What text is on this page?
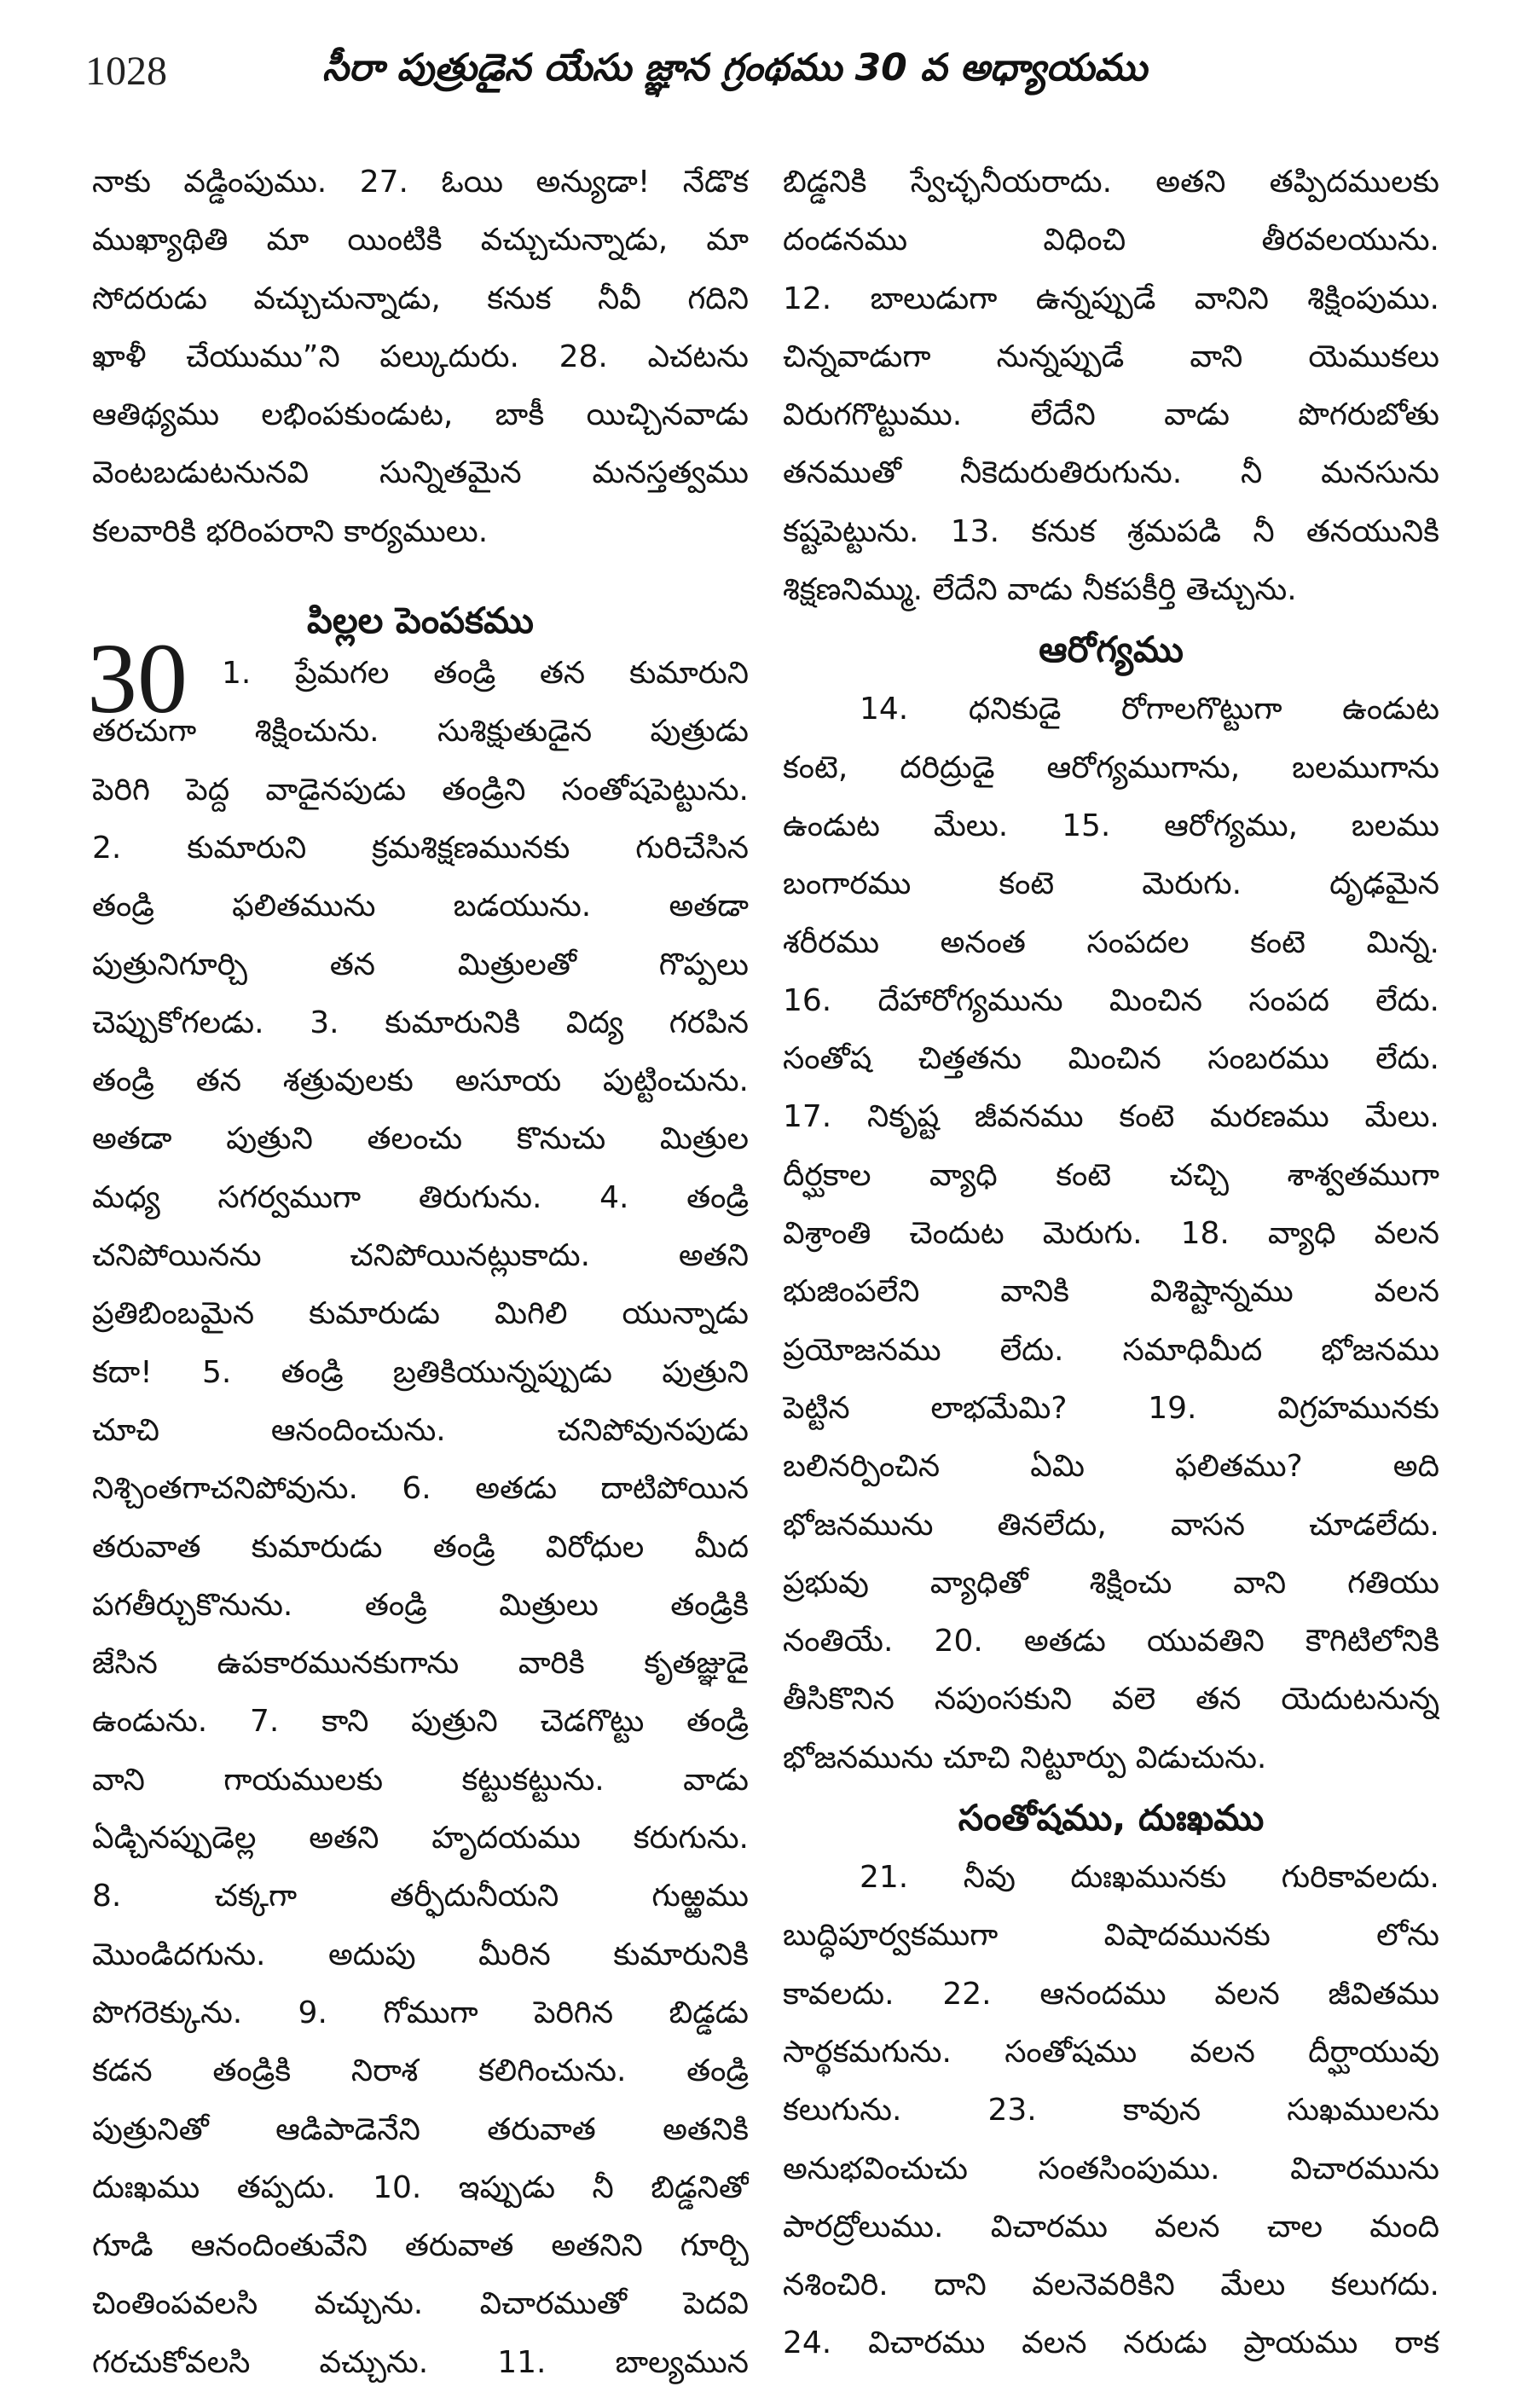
1028	సీరా పుత్రుడైన యేసు జ్ఞాన గ్రంథము 30 వ అధ్యాయము
నాకు వడ్డింపుము. 27. ఓయి అన్యుడా! నేడొక
ముఖ్యాథితి మా యింటికి వచ్చుచున్నాడు, మా
సోదరుడు వచ్చుచున్నాడు, కనుక నీవీ గదిని
ఖాళీ చేయుము”ని పల్కుదురు. 28. ఎచటను
ఆతిథ్యము లభింపకుండుట, బాకీ యిచ్చినవాడు
వెంటబడుటనునవి సున్నితమైన మనస్తత్వము
కలవారికి భరింపరాని కార్యములు.
పిల్లల పెంపకము
30	1. ప్రేమగల తండ్రి తన కుమారుని
తరచుగా శిక్షించును. సుశిక్షుతుడైన పుత్రుడు
పెరిగి పెద్ద వాడైనపుడు తండ్రిని సంతోషపెట్టును.
2. కుమారుని క్రమశిక్షణమునకు గురిచేసిన
తండ్రి ఫలితమును బడయును. అతడా
పుత్రునిగూర్చి తన మిత్రులతో గొప్పలు
చెప్పుకోగలడు. 3. కుమారునికి విద్య గరపిన
తండ్రి తన శత్రువులకు అసూయ పుట్టించును.
అతడా పుత్రుని తలంచు కొనుచు మిత్రుల
మధ్య సగర్వముగా తిరుగును. 4. తండ్రి
చనిపోయినను చనిపోయినట్లుకాదు. అతని
ప్రతిబింబమైన కుమారుడు మిగిలి యున్నాడు
కదా! 5. తండ్రి బ్రతికియున్నప్పుడు పుత్రుని
చూచి ఆనందించును. చనిపోవునపుడు
నిశ్చింతగాచనిపోవును. 6. అతడు దాటిపోయిన
తరువాత కుమారుడు తండ్రి విరోధుల మీద
పగతీర్చుకొనును. తండ్రి మిత్రులు తండ్రికి
జేసిన ఉపకారమునకుగాను వారికి కృతజ్ఞుడై
ఉండును. 7. కాని పుత్రుని చెడగొట్టు తండ్రి
వాని గాయములకు కట్టుకట్టును. వాడు
ఏడ్చినప్పుడెల్ల అతని హృదయము కరుగును.
8. చక్కగా తర్ఫీదునీయని గుఱ్ఱము
మొండిదగును. అదుపు మీరిన కుమారునికి
పొగరెక్కును. 9. గోముగా పెరిగిన బిడ్డడు
కడన తండ్రికి నిరాశ కలిగించును. తండ్రి
పుత్రునితో ఆడిపాడెనేని తరువాత అతనికి
దుఃఖము తప్పదు. 10. ఇప్పుడు నీ బిడ్డనితో
గూడి ఆనందింతువేని తరువాత అతనిని గూర్చి
చింతింపవలసి వచ్చును. విచారముతో పెదవి
గరచుకోవలసి వచ్చును. 11. బాల్యమున
బిడ్డనికి స్వేచ్ఛనీయరాదు. అతని తప్పిదములకు
దండనము విధించి తీరవలయును.
12. బాలుడుగా ఉన్నప్పుడే వానిని శిక్షింపుము.
చిన్నవాడుగా నున్నప్పుడే వాని యెముకలు
విరుగగొట్టుము. లేదేని వాడు పొగరుబోతు
తనముతో నీకెదురుతిరుగును. నీ మనసును
కష్టపెట్టును. 13. కనుక శ్రమపడి నీ తనయునికి
శిక్షణనిమ్ము. లేదేని వాడు నీకపకీర్తి తెచ్చును.
ఆరోగ్యము
14. ధనికుడై రోగాలగొట్టుగా ఉండుట
కంటె, దరిద్రుడై ఆరోగ్యముగాను, బలముగాను
ఉండుట మేలు. 15. ఆరోగ్యము, బలము
బంగారము కంటె మెరుగు. దృఢమైన
శరీరము అనంత సంపదల కంటె మిన్న.
16. దేహారోగ్యమును మించిన సంపద లేదు.
సంతోష చిత్తతను మించిన సంబరము లేదు.
17. నికృష్ట జీవనము కంటె మరణము మేలు.
దీర్ఘకాల వ్యాధి కంటె చచ్చి శాశ్వతముగా
విశ్రాంతి చెందుట మెరుగు. 18. వ్యాధి వలన
భుజింపలేని వానికి విశిష్టాన్నము వలన
ప్రయోజనము లేదు. సమాధిమీద భోజనము
పెట్టిన లాభమేమి? 19. విగ్రహమునకు
బలినర్పించిన ఏమి ఫలితము? అది
భోజనమును తినలేదు, వాసన చూడలేదు.
ప్రభువు వ్యాధితో శిక్షించు వాని గతియు
నంతియే. 20. అతడు యువతిని కౌగిటిలోనికి
తీసికొనిన నపుంసకుని వలె తన యెదుటనున్న
భోజనమును చూచి నిట్టూర్పు విడుచును.
సంతోషము, దుఃఖము
21. నీవు దుఃఖమునకు గురికావలదు.
బుద్ధిపూర్వకముగా విషాదమునకు లోను
కావలదు. 22. ఆనందము వలన జీవితము
సార్థకమగును. సంతోషము వలన దీర్ఘాయువు
కలుగును. 23. కావున సుఖములను
అనుభవించుచు సంతసింపుము. విచారమును
పారద్రోలుము. విచారము వలన చాల మంది
నశించిరి. దాని వలనెవరికిని మేలు కలుగదు.
24. విచారము వలన నరుడు ప్రాయము రాక
